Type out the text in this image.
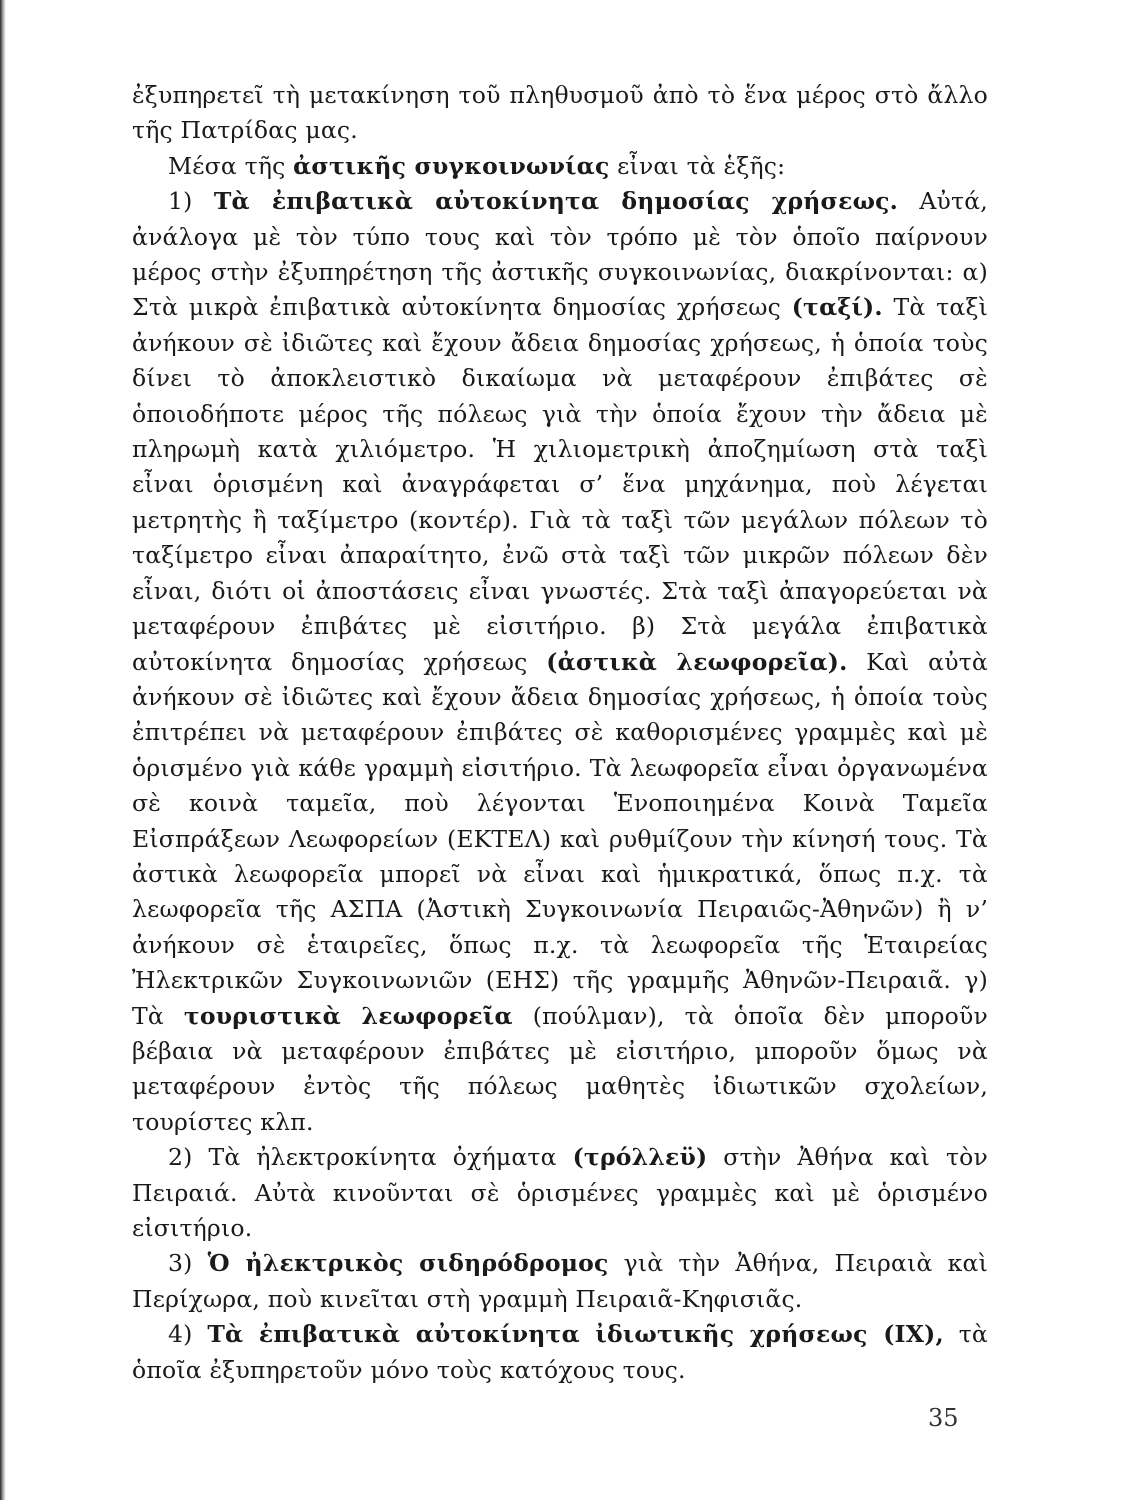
ἐξυπηρετεῖ τὴ μετακίνηση τοῦ πληθυσμοῦ ἀπὸ τὸ ἕνα μέρος στὸ ἄλλο τῆς Πατρίδας μας.

Μέσα τῆς ἀστικῆς συγκοινωνίας εἶναι τὰ ἑξῆς:

1) Τὰ ἐπιβατικὰ αὐτοκίνητα δημοσίας χρήσεως. Αὐτά, ἀνάλογα μὲ τὸν τύπο τους καὶ τὸν τρόπο μὲ τὸν ὁποῖο παίρνουν μέρος στὴν ἐξυπηρέτηση τῆς ἀστικῆς συγκοινωνίας, διακρίνονται: α) Στὰ μικρὰ ἐπιβατικὰ αὐτοκίνητα δημοσίας χρήσεως (ταξί). Τὰ ταξὶ ἀνήκουν σὲ ἰδιῶτες καὶ ἔχουν ἄδεια δημοσίας χρήσεως, ἡ ὁποία τοὺς δίνει τὸ ἀποκλειστικὸ δικαίωμα νὰ μεταφέρουν ἐπιβάτες σὲ ὁποιοδήποτε μέρος τῆς πόλεως γιὰ τὴν ὁποία ἔχουν τὴν ἄδεια μὲ πληρωμὴ κατὰ χιλιόμετρο. Ἡ χιλιομετρικὴ ἀποζημίωση στὰ ταξὶ εἶναι ὁρισμένη καὶ ἀναγράφεται σ’ ἕνα μηχάνημα, ποὺ λέγεται μετρητὴς ἢ ταξίμετρο (κοντέρ). Γιὰ τὰ ταξὶ τῶν μεγάλων πόλεων τὸ ταξίμετρο εἶναι ἀπαραίτητο, ἐνῶ στὰ ταξὶ τῶν μικρῶν πόλεων δὲν εἶναι, διότι οἱ ἀποστάσεις εἶναι γνωστές. Στὰ ταξὶ ἀπαγορεύεται νὰ μεταφέρουν ἐπιβάτες μὲ εἰσιτήριο. β) Στὰ μεγάλα ἐπιβατικὰ αὐτοκίνητα δημοσίας χρήσεως (ἀστικὰ λεωφορεῖα). Καὶ αὐτὰ ἀνήκουν σὲ ἰδιῶτες καὶ ἔχουν ἄδεια δημοσίας χρήσεως, ἡ ὁποία τοὺς ἐπιτρέπει νὰ μεταφέρουν ἐπιβάτες σὲ καθορισμένες γραμμὲς καὶ μὲ ὁρισμένο γιὰ κάθε γραμμὴ εἰσιτήριο. Τὰ λεωφορεῖα εἶναι ὀργανωμένα σὲ κοινὰ ταμεῖα, ποὺ λέγονται Ἑνοποιημένα Κοινὰ Ταμεῖα Εἰσπράξεων Λεωφορείων (ΕΚΤΕΛ) καὶ ρυθμίζουν τὴν κίνησή τους. Τὰ ἀστικὰ λεωφορεῖα μπορεῖ νὰ εἶναι καὶ ἡμικρατικά, ὅπως π.χ. τὰ λεωφορεῖα τῆς ΑΣΠΑ (Ἀστικὴ Συγκοινωνία Πειραιῶς-Ἀθηνῶν) ἢ ν’ ἀνήκουν σὲ ἑταιρεῖες, ὅπως π.χ. τὰ λεωφορεῖα τῆς Ἑταιρείας Ἠλεκτρικῶν Συγκοινωνιῶν (ΕΗΣ) τῆς γραμμῆς Ἀθηνῶν-Πειραιᾶ. γ) Τὰ τουριστικὰ λεωφορεῖα (πούλμαν), τὰ ὁποῖα δὲν μποροῦν βέβαια νὰ μεταφέρουν ἐπιβάτες μὲ εἰσιτήριο, μποροῦν ὅμως νὰ μεταφέρουν ἐντὸς τῆς πόλεως μαθητὲς ἰδιωτικῶν σχολείων, τουρίστες κλπ.

2) Τὰ ἠλεκτροκίνητα ὀχήματα (τρόλλεϋ) στὴν Ἀθήνα καὶ τὸν Πειραιά. Αὐτὰ κινοῦνται σὲ ὁρισμένες γραμμὲς καὶ μὲ ὁρισμένο εἰσιτήριο.

3) Ὁ ἠλεκτρικὸς σιδηρόδρομος γιὰ τὴν Ἀθήνα, Πειραιὰ καὶ Περίχωρα, ποὺ κινεῖται στὴ γραμμὴ Πειραιᾶ-Κηφισιᾶς.

4) Τὰ ἐπιβατικὰ αὐτοκίνητα ἰδιωτικῆς χρήσεως (ΙΧ), τὰ ὁποῖα ἐξυπηρετοῦν μόνο τοὺς κατόχους τους.

35
